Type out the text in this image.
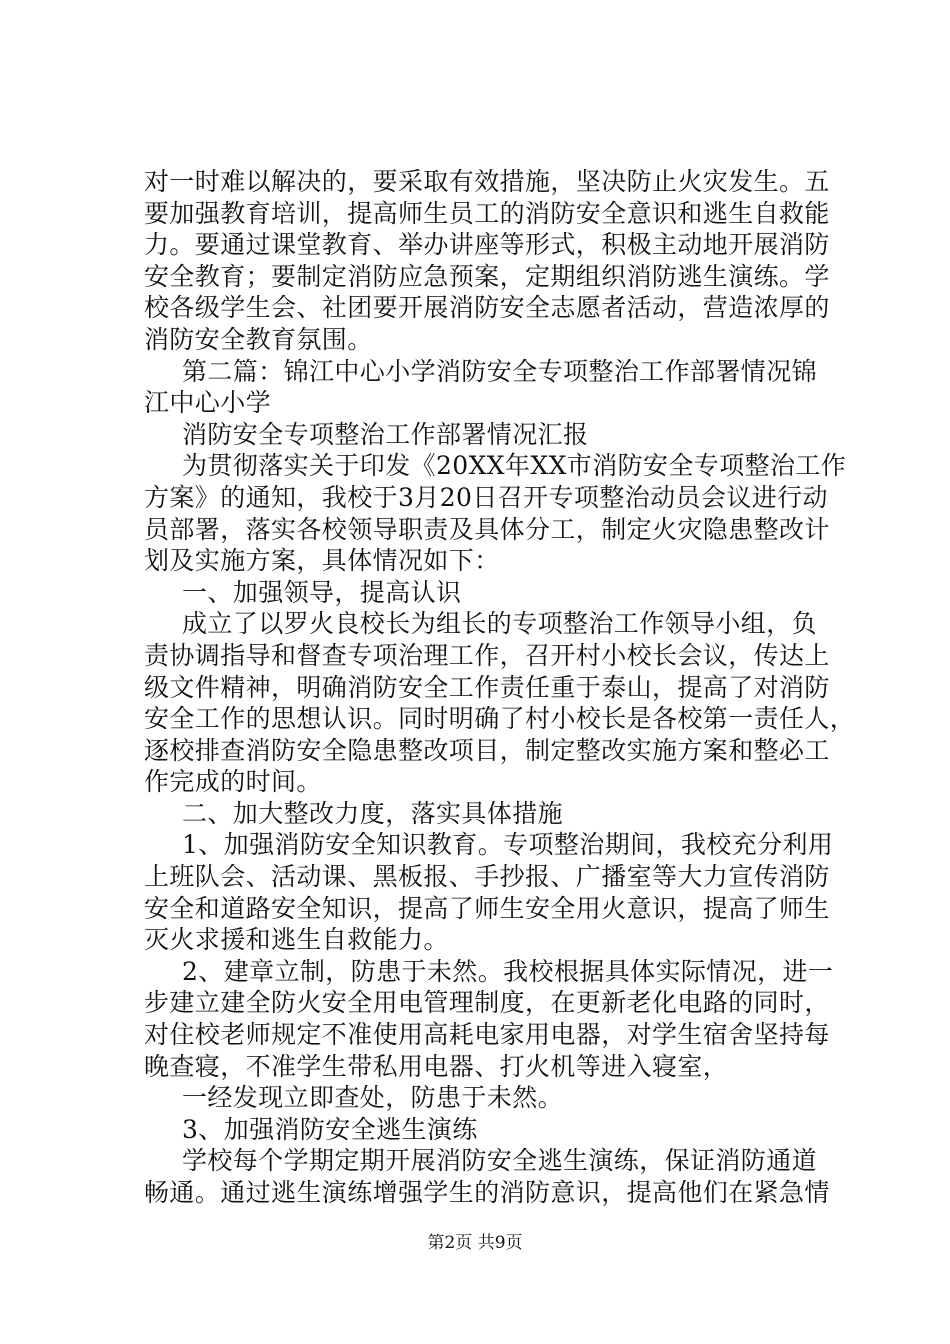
对一时难以解决的，要采取有效措施，坚决防止火灾发生。五
要加强教育培训，提高师生员工的消防安全意识和逃生自救能
力。要通过课堂教育、举办讲座等形式，积极主动地开展消防
安全教育；要制定消防应急预案，定期组织消防逃生演练。学
校各级学生会、社团要开展消防安全志愿者活动，营造浓厚的
消防安全教育氛围。
第二篇：锦江中心小学消防安全专项整治工作部署情况锦
江中心小学
消防安全专项整治工作部署情况汇报
为贯彻落实关于印发《20XX年XX市消防安全专项整治工作
方案》的通知，我校于3月20日召开专项整治动员会议进行动
员部署，落实各校领导职责及具体分工，制定火灾隐患整改计
划及实施方案，具体情况如下：
一、加强领导，提高认识
成立了以罗火良校长为组长的专项整治工作领导小组，负
责协调指导和督查专项治理工作，召开村小校长会议，传达上
级文件精神，明确消防安全工作责任重于泰山，提高了对消防
安全工作的思想认识。同时明确了村小校长是各校第一责任人，
逐校排查消防安全隐患整改项目，制定整改实施方案和整必工
作完成的时间。
二、加大整改力度，落实具体措施
1、加强消防安全知识教育。专项整治期间，我校充分利用
上班队会、活动课、黑板报、手抄报、广播室等大力宣传消防
安全和道路安全知识，提高了师生安全用火意识，提高了师生
灭火求援和逃生自救能力。
2、建章立制，防患于未然。我校根据具体实际情况，进一
步建立建全防火安全用电管理制度，在更新老化电路的同时，
对住校老师规定不准使用高耗电家用电器，对学生宿舍坚持每
晚查寝，不准学生带私用电器、打火机等进入寝室，
一经发现立即查处，防患于未然。
3、加强消防安全逃生演练
学校每个学期定期开展消防安全逃生演练，保证消防通道
畅通。通过逃生演练增强学生的消防意识，提高他们在紧急情
第2页 共9页
